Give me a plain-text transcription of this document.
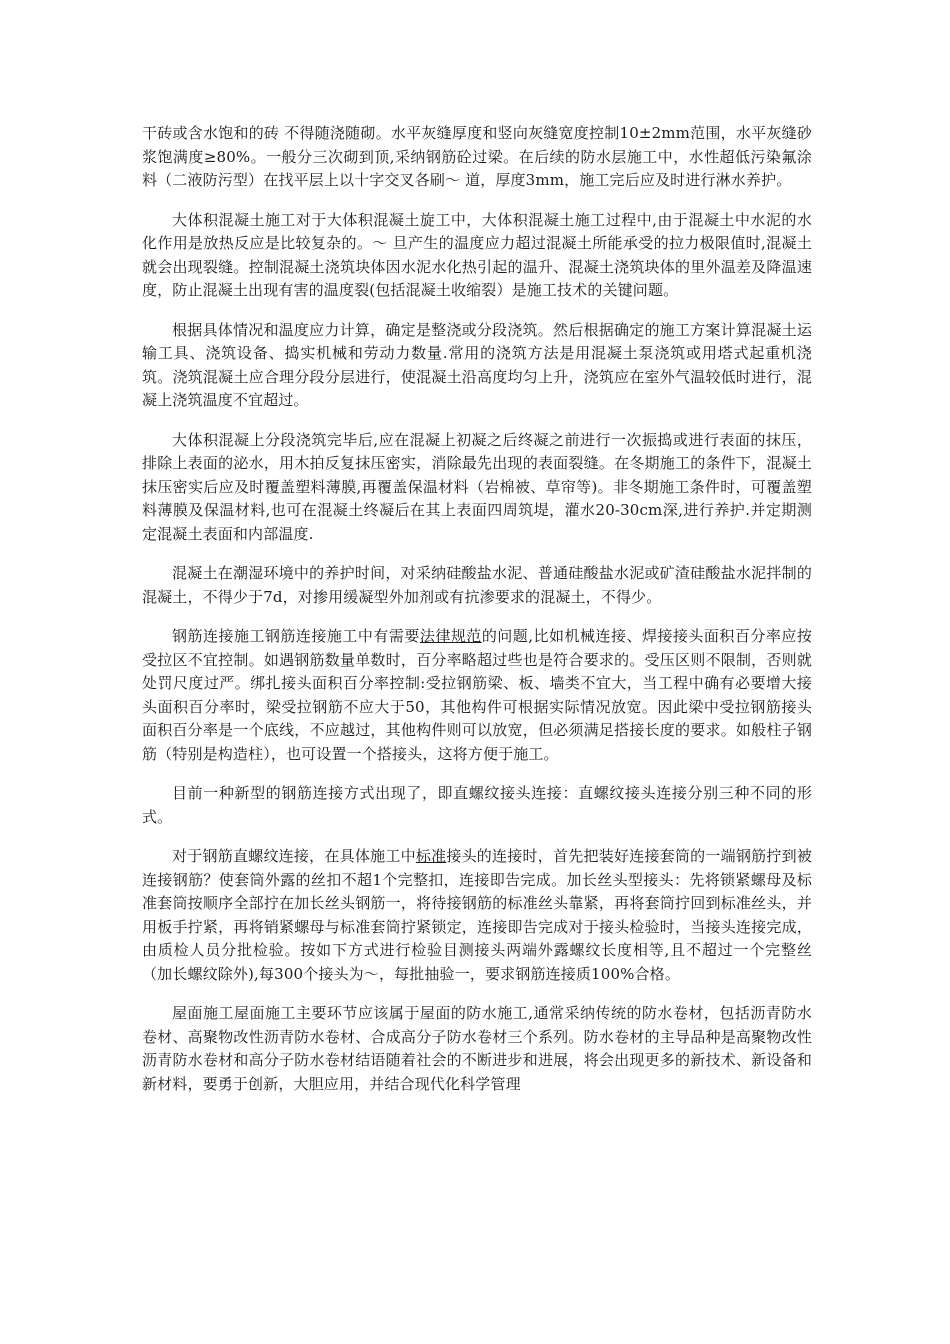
干砖或含水饱和的砖 不得随浇随砌。水平灰缝厚度和竖向灰缝宽度控制10±2mm范围，水平灰缝砂浆饱满度≥80%。一般分三次砌到顶,采纳钢筋砼过梁。在后续的防水层施工中，水性超低污染氟涂料（二液防污型）在找平层上以十字交叉各刷～ 道，厚度3mm，施工完后应及时进行淋水养护。

大体积混凝土施工对于大体积混凝土旋工中，大体积混凝土施工过程中,由于混凝土中水泥的水化作用是放热反应是比较复杂的。～ 旦产生的温度应力超过混凝土所能承受的拉力极限值时,混凝土就会出现裂缝。控制混凝土浇筑块体因水泥水化热引起的温升、混凝土浇筑块体的里外温差及降温速度，防止混凝土出现有害的温度裂(包括混凝土收缩裂）是施工技术的关键问题。

根据具体情况和温度应力计算，确定是整浇或分段浇筑。然后根据确定的施工方案计算混凝土运输工具、浇筑设备、捣实机械和劳动力数量.常用的浇筑方法是用混凝土泵浇筑或用塔式起重机浇筑。浇筑混凝土应合理分段分层进行，使混凝土沿高度均匀上升，浇筑应在室外气温较低时进行，混凝上浇筑温度不宜超过。

大体积混凝上分段浇筑完毕后,应在混凝上初凝之后终凝之前进行一次振捣或进行表面的抹压，排除上表面的泌水，用木拍反复抹压密实，消除最先出现的表面裂缝。在冬期施工的条件下，混凝土抹压密实后应及时覆盖塑料薄膜,再覆盖保温材料（岩棉被、草帘等)。非冬期施工条件时，可覆盖塑料薄膜及保温材料,也可在混凝土终凝后在其上表面四周筑堤，灌水20-30cm深,进行养护.并定期测定混凝土表面和内部温度.

混凝土在潮湿环境中的养护时间，对采纳硅酸盐水泥、普通硅酸盐水泥或矿渣硅酸盐水泥拌制的混凝土，不得少于7d，对掺用缓凝型外加剂或有抗渗要求的混凝土，不得少。

钢筋连接施工钢筋连接施工中有需要法律规范的问题,比如机械连接、焊接接头面积百分率应按受拉区不宜控制。如遇钢筋数量单数时，百分率略超过些也是符合要求的。受压区则不限制，否则就处罚尺度过严。绑扎接头面积百分率控制:受拉钢筋梁、板、墙类不宜大，当工程中确有必要增大接头面积百分率时，梁受拉钢筋不应大于50，其他构件可根据实际情况放宽。因此梁中受拉钢筋接头面积百分率是一个底线，不应越过，其他构件则可以放宽，但必须满足搭接长度的要求。如般柱子钢筋（特别是构造柱），也可设置一个搭接头，这将方便于施工。

目前一种新型的钢筋连接方式出现了，即直螺纹接头连接：直螺纹接头连接分别三种不同的形式。

对于钢筋直螺纹连接，在具体施工中标准接头的连接时，首先把装好连接套筒的一端钢筋拧到被连接钢筋？使套筒外露的丝扣不超1个完整扣，连接即告完成。加长丝头型接头：先将锁紧螺母及标准套筒按顺序全部拧在加长丝头钢筋一，将待接钢筋的标准丝头靠紧，再将套筒拧回到标准丝头，并用板手拧紧，再将销紧螺母与标准套筒拧紧锁定，连接即告完成对于接头检验时，当接头连接完成，由质检人员分批检验。按如下方式进行检验目测接头两端外露螺纹长度相等,且不超过一个完整丝（加长螺纹除外),每300个接头为～，每批抽验一，要求钢筋连接质100%合格。

屋面施工屋面施工主要环节应该属于屋面的防水施工,通常采纳传统的防水卷材，包括沥青防水卷材、高聚物改性沥青防水卷材、合成高分子防水卷材三个系列。防水卷材的主导品种是高聚物改性沥青防水卷材和高分子防水卷材结语随着社会的不断进步和进展，将会出现更多的新技术、新设备和新材料，要勇于创新，大胆应用，并结合现代化科学管理
